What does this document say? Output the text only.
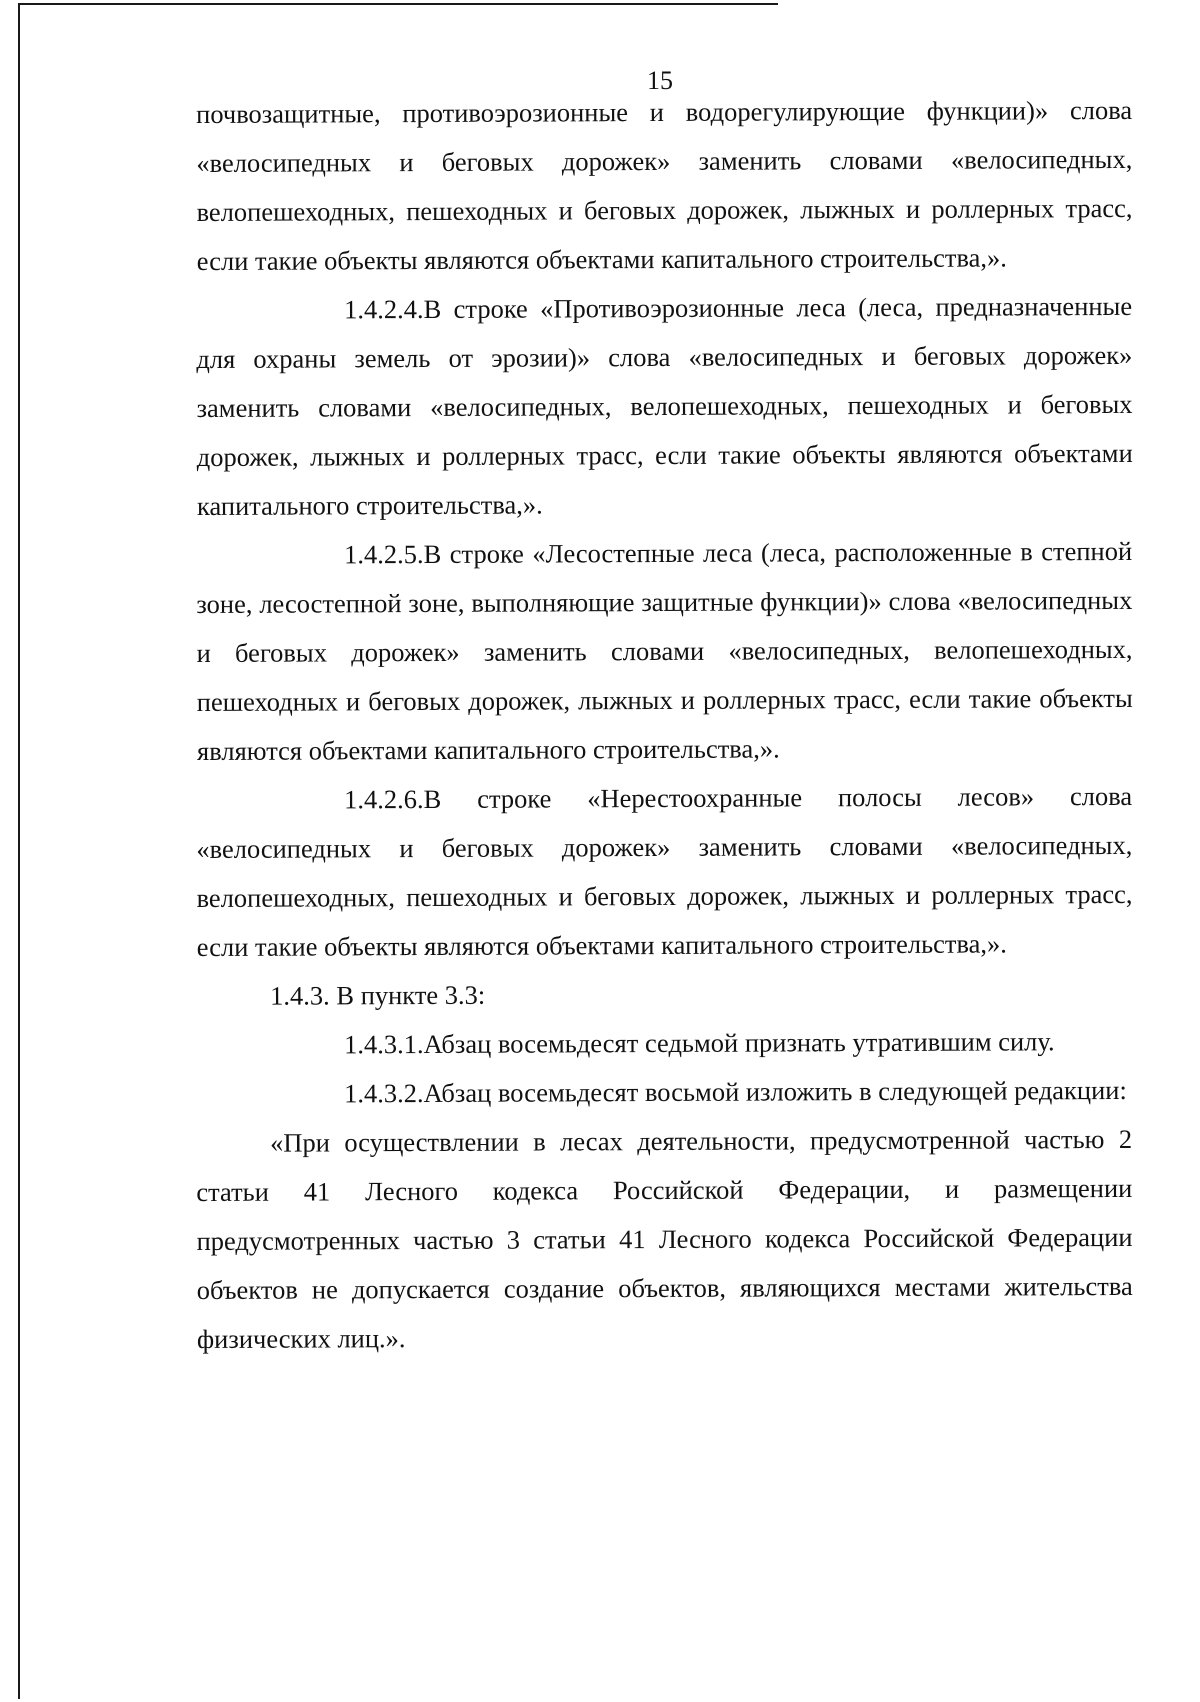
15

почвозащитные, противоэрозионные и водорегулирующие функции)» слова «велосипедных и беговых дорожек» заменить словами «велосипедных, велопешеходных, пешеходных и беговых дорожек, лыжных и роллерных трасс, если такие объекты являются объектами капитального строительства,».

1.4.2.4.В строке «Противоэрозионные леса (леса, предназначенные для охраны земель от эрозии)» слова «велосипедных и беговых дорожек» заменить словами «велосипедных, велопешеходных, пешеходных и беговых дорожек, лыжных и роллерных трасс, если такие объекты являются объектами капитального строительства,».

1.4.2.5.В строке «Лесостепные леса (леса, расположенные в степной зоне, лесостепной зоне, выполняющие защитные функции)» слова «велосипедных и беговых дорожек» заменить словами «велосипедных, велопешеходных, пешеходных и беговых дорожек, лыжных и роллерных трасс, если такие объекты являются объектами капитального строительства,».

1.4.2.6.В строке «Нерестоохранные полосы лесов» слова «велосипедных и беговых дорожек» заменить словами «велосипедных, велопешеходных, пешеходных и беговых дорожек, лыжных и роллерных трасс, если такие объекты являются объектами капитального строительства,».

1.4.3. В пункте 3.3:

1.4.3.1.Абзац восемьдесят седьмой признать утратившим силу.

1.4.3.2.Абзац восемьдесят восьмой изложить в следующей редакции:

«При осуществлении в лесах деятельности, предусмотренной частью 2 статьи 41 Лесного кодекса Российской Федерации, и размещении предусмотренных частью 3 статьи 41 Лесного кодекса Российской Федерации объектов не допускается создание объектов, являющихся местами жительства физических лиц.».
